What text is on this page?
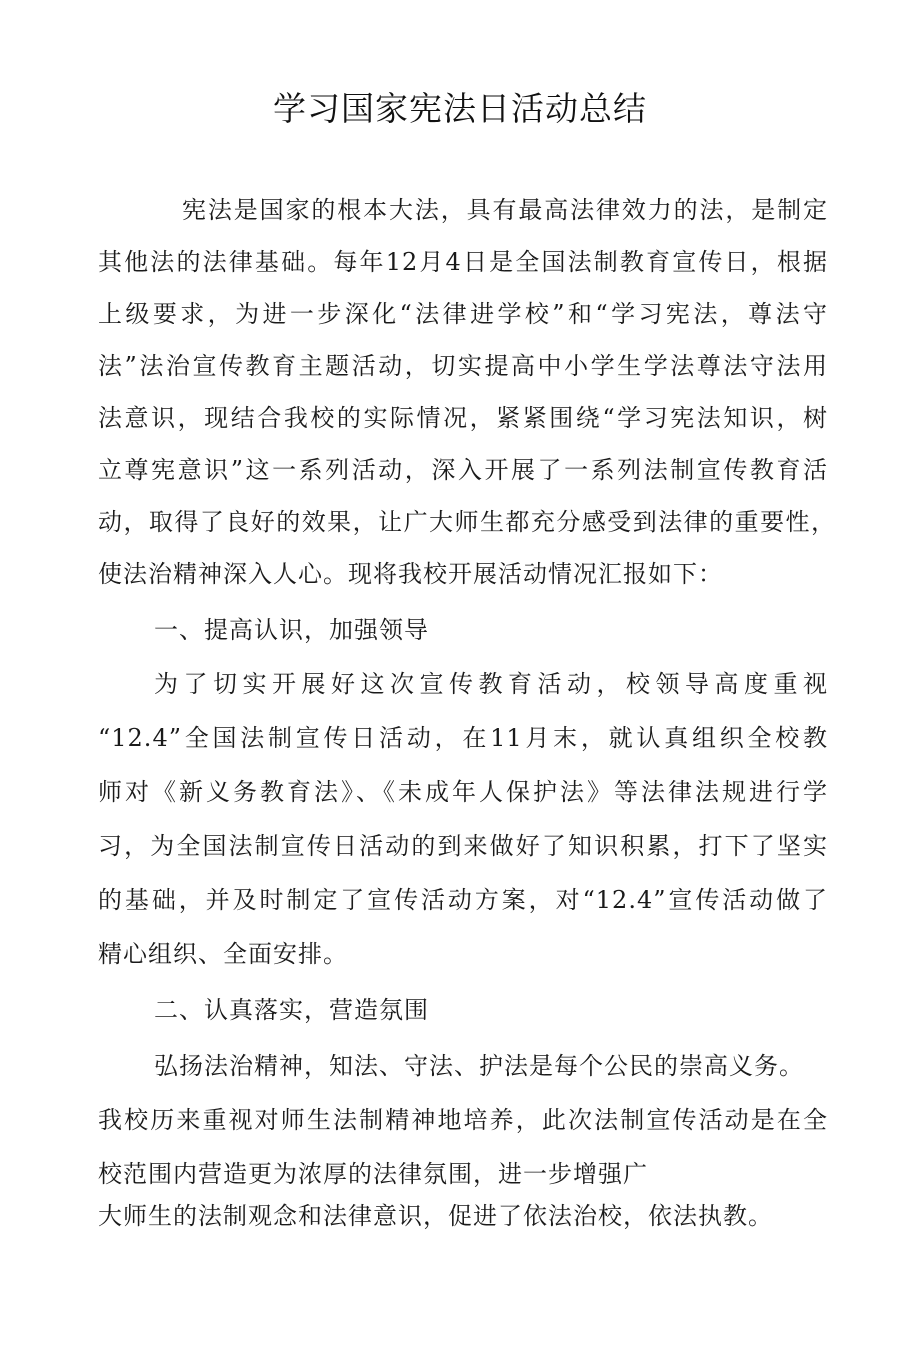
学习国家宪法日活动总结
宪法是国家的根本大法，具有最高法律效力的法，是制定
其他法的法律基础。每年12月4日是全国法制教育宣传日，根据
上级要求，为进一步深化“法律进学校”和“学习宪法，尊法守
法”法治宣传教育主题活动，切实提高中小学生学法尊法守法用
法意识，现结合我校的实际情况，紧紧围绕“学习宪法知识，树
立尊宪意识”这一系列活动，深入开展了一系列法制宣传教育活
动，取得了良好的效果，让广大师生都充分感受到法律的重要性，
使法治精神深入人心。现将我校开展活动情况汇报如下：
一、提高认识，加强领导
为了切实开展好这次宣传教育活动，校领导高度重视
“12.4”全国法制宣传日活动，在11月末，就认真组织全校教
师对《新义务教育法》、《未成年人保护法》等法律法规进行学
习，为全国法制宣传日活动的到来做好了知识积累，打下了坚实
的基础，并及时制定了宣传活动方案，对“12.4”宣传活动做了
精心组织、全面安排。
二、认真落实，营造氛围
弘扬法治精神，知法、守法、护法是每个公民的崇高义务。
我校历来重视对师生法制精神地培养，此次法制宣传活动是在全
校范围内营造更为浓厚的法律氛围，进一步增强广
大师生的法制观念和法律意识，促进了依法治校，依法执教。
